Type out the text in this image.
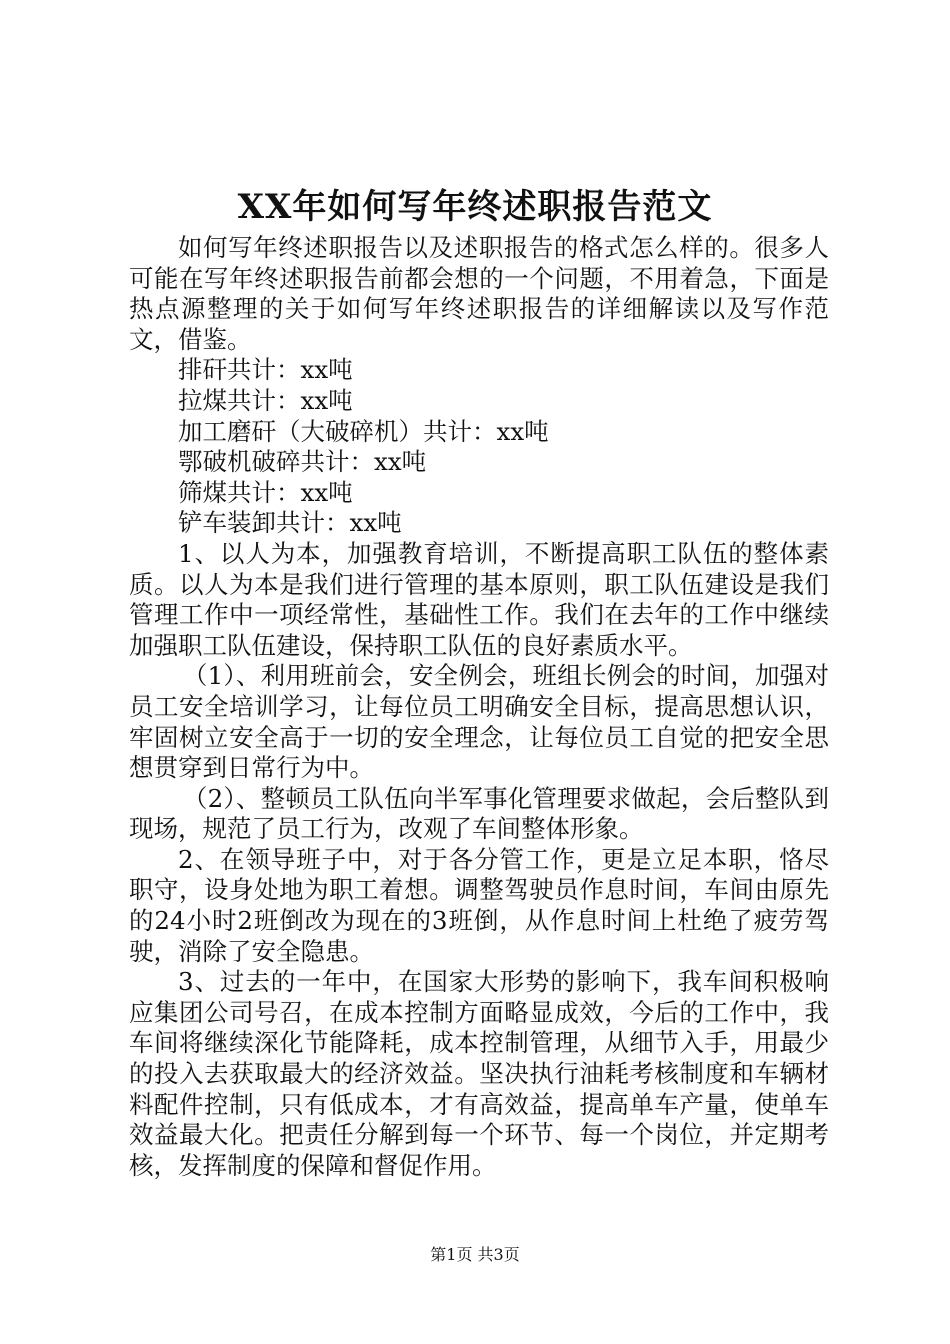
XX年如何写年终述职报告范文

如何写年终述职报告以及述职报告的格式怎么样的。很多人可能在写年终述职报告前都会想的一个问题，不用着急，下面是热点源整理的关于如何写年终述职报告的详细解读以及写作范文，借鉴。

排矸共计：xx吨

拉煤共计：xx吨

加工磨矸（大破碎机）共计：xx吨

鄂破机破碎共计：xx吨

筛煤共计：xx吨

铲车装卸共计：xx吨

1、以人为本，加强教育培训，不断提高职工队伍的整体素质。以人为本是我们进行管理的基本原则，职工队伍建设是我们管理工作中一项经常性，基础性工作。我们在去年的工作中继续加强职工队伍建设，保持职工队伍的良好素质水平。

（1）、利用班前会，安全例会，班组长例会的时间，加强对员工安全培训学习，让每位员工明确安全目标，提高思想认识，牢固树立安全高于一切的安全理念，让每位员工自觉的把安全思想贯穿到日常行为中。

（2）、整顿员工队伍向半军事化管理要求做起，会后整队到现场，规范了员工行为，改观了车间整体形象。

2、在领导班子中，对于各分管工作，更是立足本职，恪尽职守，设身处地为职工着想。调整驾驶员作息时间，车间由原先的24小时2班倒改为现在的3班倒，从作息时间上杜绝了疲劳驾驶，消除了安全隐患。

3、过去的一年中，在国家大形势的影响下，我车间积极响应集团公司号召，在成本控制方面略显成效，今后的工作中，我车间将继续深化节能降耗，成本控制管理，从细节入手，用最少的投入去获取最大的经济效益。坚决执行油耗考核制度和车辆材料配件控制，只有低成本，才有高效益，提高单车产量，使单车效益最大化。把责任分解到每一个环节、每一个岗位，并定期考核，发挥制度的保障和督促作用。

第1页 共3页
